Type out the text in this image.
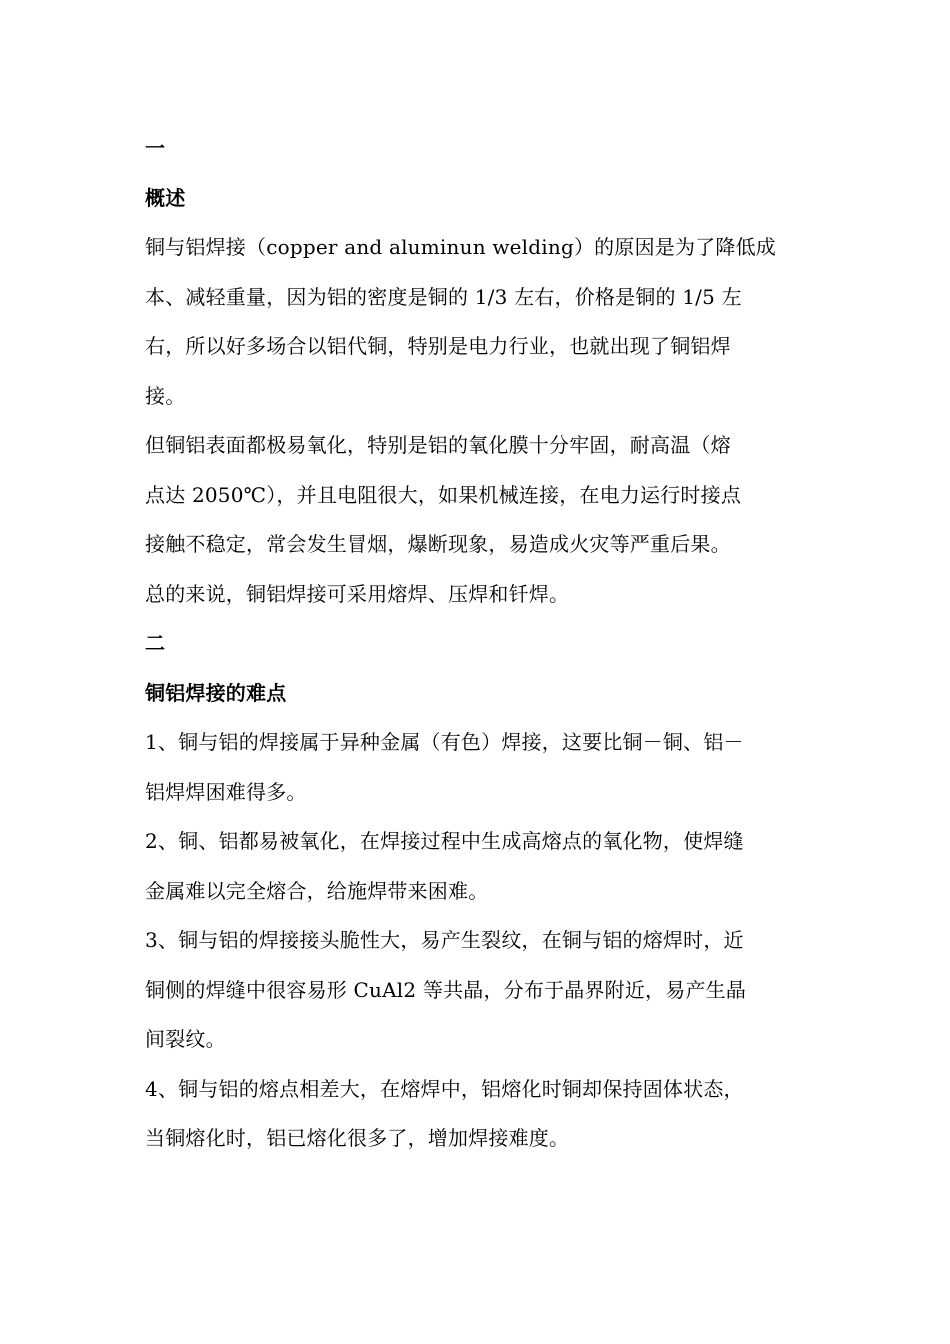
一
概述
铜与铝焊接（copper and aluminun welding）的原因是为了降低成
本、减轻重量，因为铝的密度是铜的 1/3 左右，价格是铜的 1/5 左
右，所以好多场合以铝代铜，特别是电力行业，也就出现了铜铝焊
接。
但铜铝表面都极易氧化，特别是铝的氧化膜十分牢固，耐高温（熔
点达 2050℃），并且电阻很大，如果机械连接，在电力运行时接点
接触不稳定，常会发生冒烟，爆断现象，易造成火灾等严重后果。
总的来说，铜铝焊接可采用熔焊、压焊和钎焊。
二
铜铝焊接的难点
1、铜与铝的焊接属于异种金属（有色）焊接，这要比铜－铜、铝－
铝焊焊困难得多。
2、铜、铝都易被氧化，在焊接过程中生成高熔点的氧化物，使焊缝
金属难以完全熔合，给施焊带来困难。
3、铜与铝的焊接接头脆性大，易产生裂纹，在铜与铝的熔焊时，近
铜侧的焊缝中很容易形 CuAl2 等共晶，分布于晶界附近，易产生晶
间裂纹。
4、铜与铝的熔点相差大，在熔焊中，铝熔化时铜却保持固体状态，
当铜熔化时，铝已熔化很多了，增加焊接难度。
